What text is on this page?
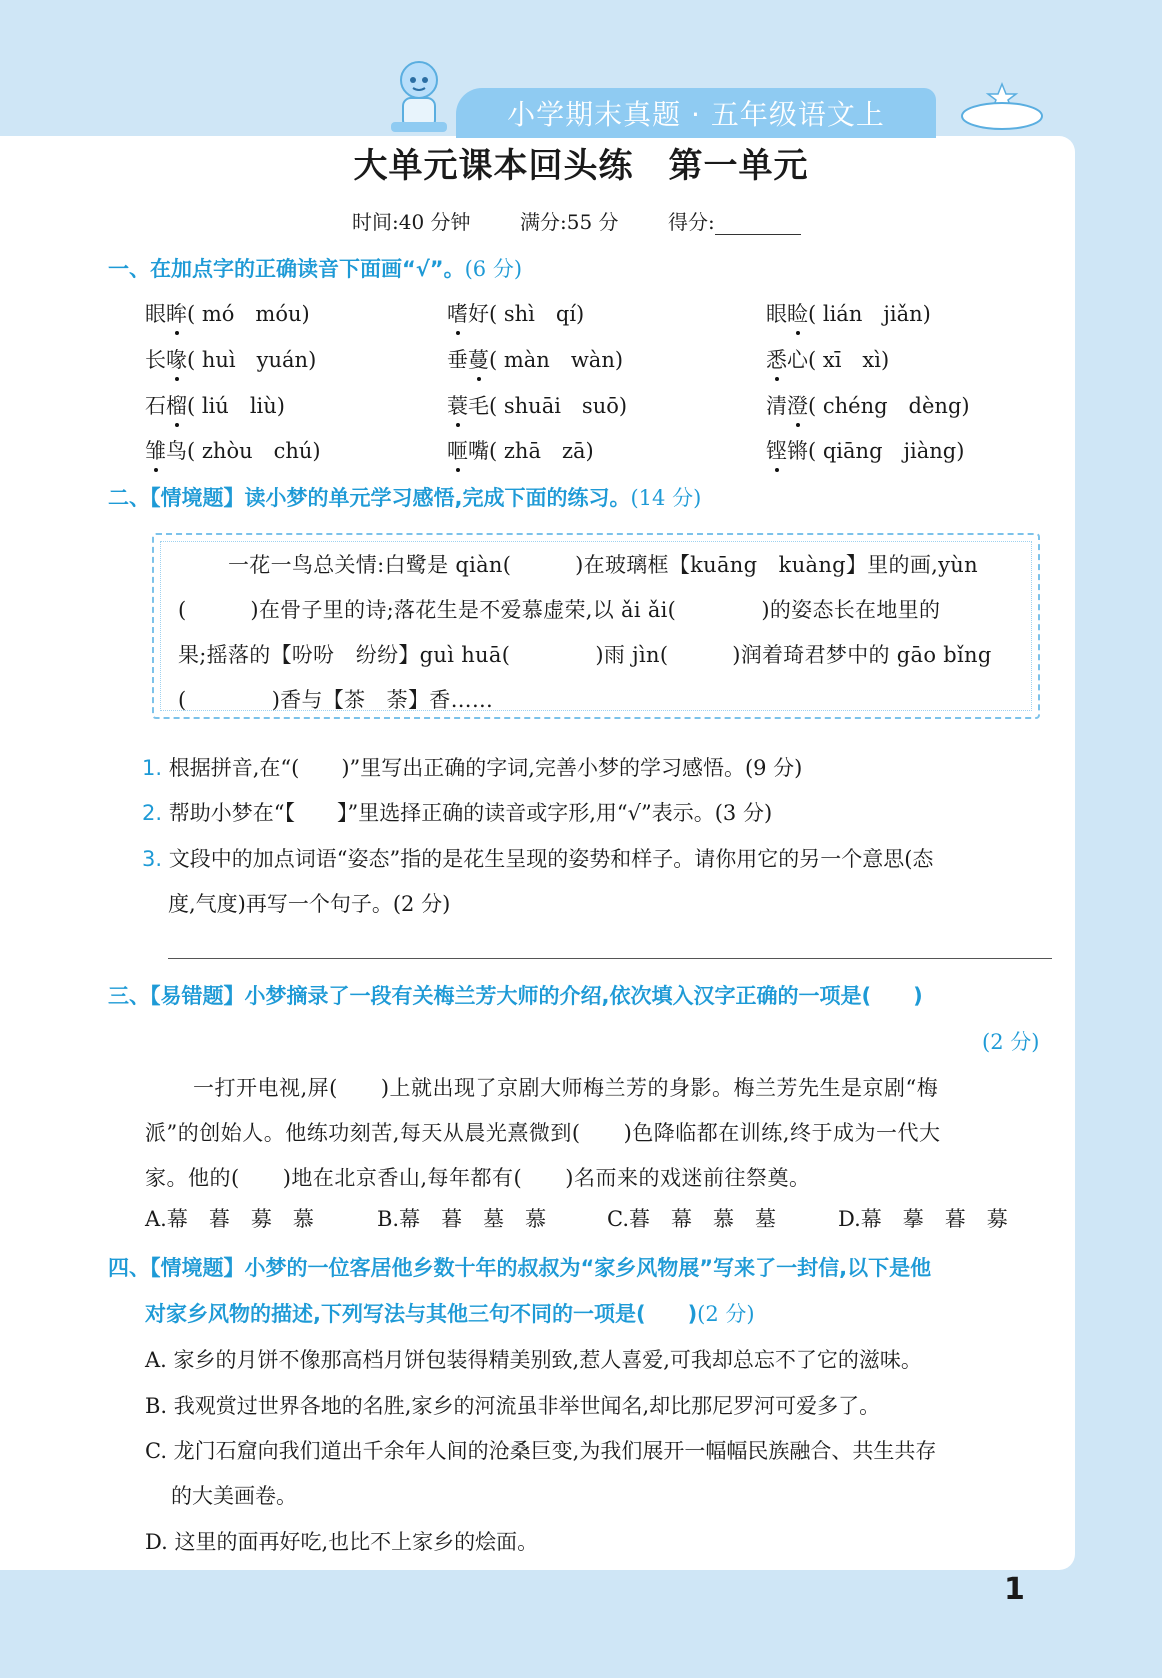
小学期末真题 · 五年级语文上
大单元课本回头练　第一单元
时间:40 分钟 满分:55 分 得分:
一、在加点字的正确读音下面画“√”。(6 分)
眼眸( mó　móu)	嗜好( shì　qí)	眼睑( lián　jiǎn)
长喙( huì　yuán)	垂蔓( màn　wàn)	悉心( xī　xì)
石榴( liú　liù)	蓑毛( shuāi　suō)	清澄( chéng　dèng)
雏鸟( zhòu　chú)	咂嘴( zhā　zā)	铿锵( qiāng　jiàng)
二、【情境题】读小梦的单元学习感悟,完成下面的练习。(14 分)
一花一鸟总关情:白鹭是 qiàn(　　　)在玻璃框【kuāng　kuàng】里的画,yùn
(　　　)在骨子里的诗;落花生是不爱慕虚荣,以 ǎi ǎi(　　　　)的姿态长在地里的
果;摇落的【吩吩　纷纷】guì huā(　　　　)雨 jìn(　　　)润着琦君梦中的 gāo bǐng
(　　　　)香与【茶　荼】香……
1. 根据拼音,在“(　　)”里写出正确的字词,完善小梦的学习感悟。(9 分)
2. 帮助小梦在“【　　】”里选择正确的读音或字形,用“√”表示。(3 分)
3. 文段中的加点词语“姿态”指的是花生呈现的姿势和样子。请你用它的另一个意思(态
度,气度)再写一个句子。(2 分)
三、【易错题】小梦摘录了一段有关梅兰芳大师的介绍,依次填入汉字正确的一项是(　　)
(2 分)
一打开电视,屏(　　)上就出现了京剧大师梅兰芳的身影。梅兰芳先生是京剧“梅
派”的创始人。他练功刻苦,每天从晨光熹微到(　　)色降临都在训练,终于成为一代大
家。他的(　　)地在北京香山,每年都有(　　)名而来的戏迷前往祭奠。
A.幕　暮　募　慕	B.幕　暮　墓　慕	C.暮　幕　慕　墓	D.幕　摹　暮　募
四、【情境题】小梦的一位客居他乡数十年的叔叔为“家乡风物展”写来了一封信,以下是他
对家乡风物的描述,下列写法与其他三句不同的一项是(　　)(2 分)
A. 家乡的月饼不像那高档月饼包装得精美别致,惹人喜爱,可我却总忘不了它的滋味。
B. 我观赏过世界各地的名胜,家乡的河流虽非举世闻名,却比那尼罗河可爱多了。
C. 龙门石窟向我们道出千余年人间的沧桑巨变,为我们展开一幅幅民族融合、共生共存
的大美画卷。
D. 这里的面再好吃,也比不上家乡的烩面。
1
